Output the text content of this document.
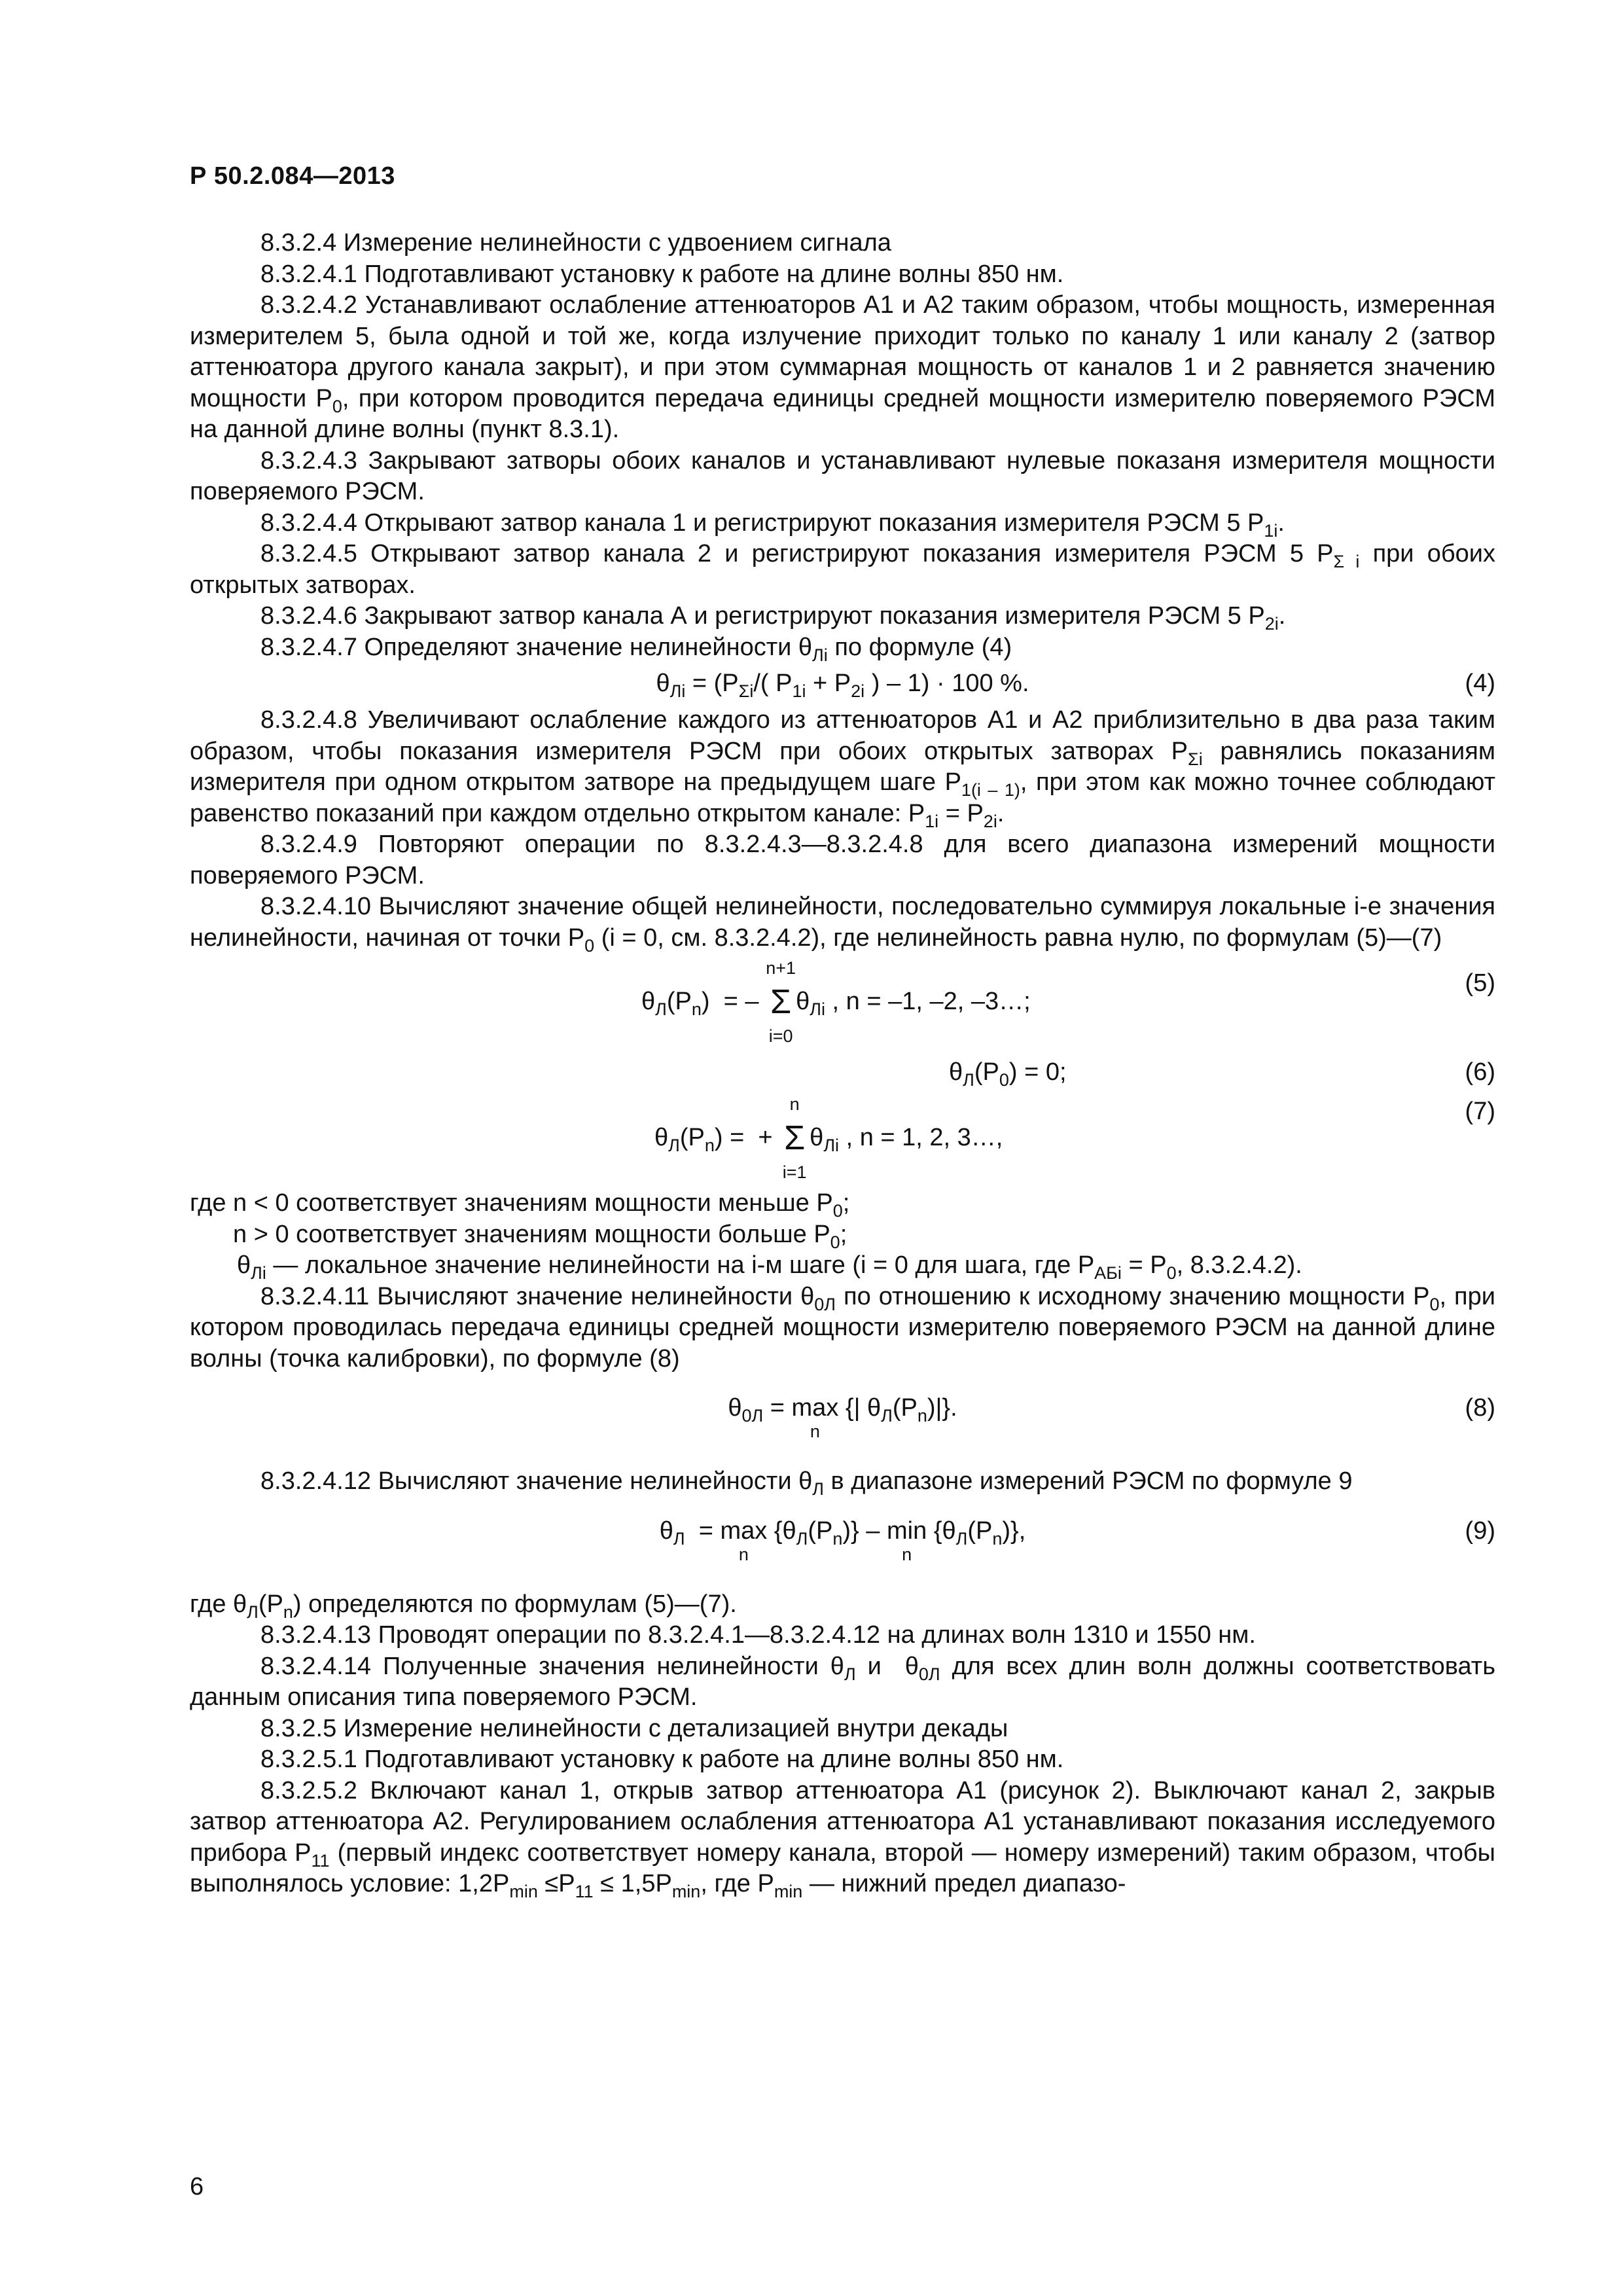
Р 50.2.084—2013

8.3.2.4 Измерение нелинейности с удвоением сигнала

8.3.2.4.1 Подготавливают установку к работе на длине волны 850 нм.

8.3.2.4.2 Устанавливают ослабление аттенюаторов А1 и А2 таким образом, чтобы мощность, измеренная измерителем 5, была одной и той же, когда излучение приходит только по каналу 1 или каналу 2 (затвор аттенюатора другого канала закрыт), и при этом суммарная мощность от каналов 1 и 2 равняется значению мощности $Р_0$, при котором проводится передача единицы средней мощности измерителю поверяемого РЭСМ на данной длине волны (пункт 8.3.1).

8.3.2.4.3 Закрывают затворы обоих каналов и устанавливают нулевые показаня измерителя мощности поверяемого РЭСМ.

8.3.2.4.4 Открывают затвор канала 1 и регистрируют показания измерителя РЭСМ 5 $Р_{1i}$.

8.3.2.4.5 Открывают затвор канала 2 и регистрируют показания измерителя РЭСМ 5 $Р_{\Sigma i}$ при обоих открытых затворах.

8.3.2.4.6 Закрывают затвор канала А и регистрируют показания измерителя РЭСМ 5 $Р_{2i}$.

8.3.2.4.7 Определяют значение нелинейности $\theta_{Лi}$ по формуле (4)

$\theta_{Лi} = (Р_{\Sigma i}/$( $Р_{1i} + Р_{2i}$ ) – 1) · 100 %.	(4)

8.3.2.4.8 Увеличивают ослабление каждого из аттенюаторов А1 и А2 приблизительно в два раза таким образом, чтобы показания измерителя РЭСМ при обоих открытых затворах $Р_{\Sigma i}$ равнялись показаниям измерителя при одном открытом затворе на предыдущем шаге $Р_{1(i - 1)}$, при этом как можно точнее соблюдают равенство показаний при каждом отдельно открытом канале: $Р_{1i} = Р_{2i}$.

8.3.2.4.9 Повторяют операции по 8.3.2.4.3—8.3.2.4.8 для всего диапазона измерений мощности поверяемого РЭСМ.

8.3.2.4.10 Вычисляют значение общей нелинейности, последовательно суммируя локальные i-е значения нелинейности, начиная от точки $Р_0$ (i = 0, см. 8.3.2.4.2), где нелинейность равна нулю, по формулам (5)—(7)

$\theta_Л(Р_n)$  = – Σ
n+1
i=0
$\theta_{Лi}$ , n = –1, –2, –3…;
(5)
$\theta_Л(Р_0) = 0$;	(6)
$\theta_Л(Р_n)$ =  + Σ
n
i=1
$\theta_{Лi}$ , n = 1, 2, 3…,
(7)

где n < 0 соответствует значениям мощности меньше $Р_0$;

n > 0 соответствует значениям мощности больше $Р_0$;

$\theta_{Лi}$ — локальное значение нелинейности на i-м шаге (i = 0 для шага, где $Р_{АБi} = Р_0$, 8.3.2.4.2).

8.3.2.4.11 Вычисляют значение нелинейности $\theta_{0Л}$ по отношению к исходному значению мощности $Р_0$, при котором проводилась передача единицы средней мощности измерителю поверяемого РЭСМ на данной длине волны (точка калибровки), по формуле (8)

$\theta_{0Л} = \max$
n
{| $\theta_Л(Р_n)|$}.	(8)

8.3.2.4.12 Вычисляют значение нелинейности $\theta_Л$ в диапазоне измерений РЭСМ по формуле 9

$\theta_Л = \max$
n
$\{\theta_Л(Р_n)\}$ – min
n
$\{\theta_Л(Р_n)\}$,	(9)

где $\theta_Л(Р_n)$ определяются по формулам (5)—(7).

8.3.2.4.13 Проводят операции по 8.3.2.4.1—8.3.2.4.12 на длинах волн 1310 и 1550 нм.

8.3.2.4.14 Полученные значения нелинейности $\theta_Л$ и  $\theta_{0Л}$ для всех длин волн должны соответствовать данным описания типа поверяемого РЭСМ.

8.3.2.5 Измерение нелинейности с детализацией внутри декады

8.3.2.5.1 Подготавливают установку к работе на длине волны 850 нм.

8.3.2.5.2 Включают канал 1, открыв затвор аттенюатора А1 (рисунок 2). Выключают канал 2, закрыв затвор аттенюатора А2. Регулированием ослабления аттенюатора А1 устанавливают показания исследуемого прибора $Р_{11}$ (первый индекс соответствует номеру канала, второй — номеру измерений) таким образом, чтобы выполнялось условие: $1,2Р_{min} \le Р_{11} \le 1,5Р_{min}$, где $Р_{min}$ — нижний предел диапазо-

6
